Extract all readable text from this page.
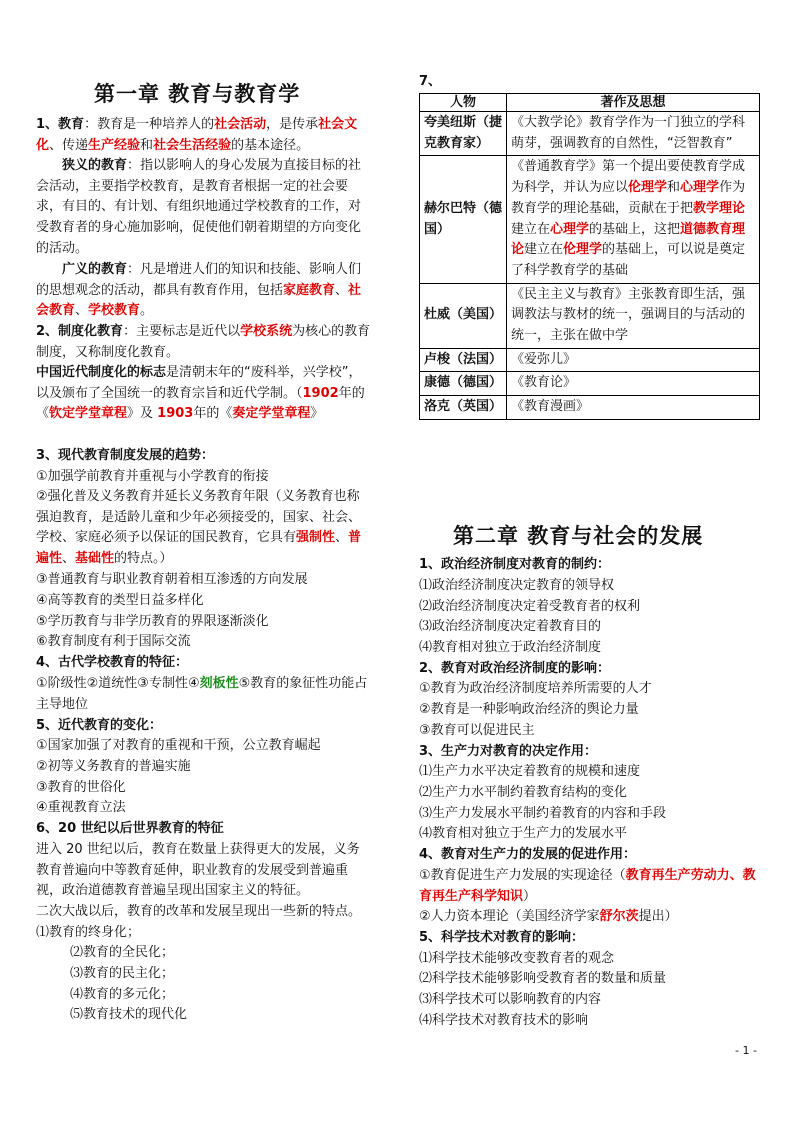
第一章 教育与教育学
1、教育：教育是一种培养人的社会活动，是传承社会文化、传递生产经验和社会生活经验的基本途径。
狭义的教育：指以影响人的身心发展为直接目标的社会活动，主要指学校教育，是教育者根据一定的社会要求，有目的、有计划、有组织地通过学校教育的工作，对受教育者的身心施加影响，促使他们朝着期望的方向变化的活动。
广义的教育：凡是增进人们的知识和技能、影响人们的思想观念的活动，都具有教育作用，包括家庭教育、社会教育、学校教育。
2、制度化教育：主要标志是近代以学校系统为核心的教育制度，又称制度化教育。
中国近代制度化的标志是清朝末年的“废科举，兴学校”，以及颁布了全国统一的教育宗旨和近代学制。（1902年的《钦定学堂章程》及 1903年的《奏定学堂章程》
3、现代教育制度发展的趋势：
①加强学前教育并重视与小学教育的衔接
②强化普及义务教育并延长义务教育年限（义务教育也称强迫教育，是适龄儿童和少年必须接受的，国家、社会、学校、家庭必须予以保证的国民教育，它具有强制性、普遍性、基础性的特点。）
③普通教育与职业教育朝着相互渗透的方向发展
④高等教育的类型日益多样化
⑤学历教育与非学历教育的界限逐渐淡化
⑥教育制度有利于国际交流
4、古代学校教育的特征：
①阶级性②道统性③专制性④刻板性⑤教育的象征性功能占主导地位
5、近代教育的变化：
①国家加强了对教育的重视和干预，公立教育崛起
②初等义务教育的普遍实施
③教育的世俗化
④重视教育立法
6、20 世纪以后世界教育的特征
进入 20 世纪以后，教育在数量上获得更大的发展，义务教育普遍向中等教育延伸，职业教育的发展受到普遍重视，政治道德教育普遍呈现出国家主义的特征。
二次大战以后，教育的改革和发展呈现出一些新的特点。⑴教育的终身化；
⑵教育的全民化；
⑶教育的民主化；
⑷教育的多元化；
⑸教育技术的现代化
7、
人物	著作及思想
夸美纽斯（捷克教育家）	《大教学论》教育学作为一门独立的学科萌芽，强调教育的自然性，“泛智教育”
赫尔巴特（德国）	《普通教育学》第一个提出要使教育学成为科学，并认为应以伦理学和心理学作为教育学的理论基础，贡献在于把教学理论建立在心理学的基础上，这把道德教育理论建立在伦理学的基础上，可以说是奠定了科学教育学的基础
杜威（美国）	《民主主义与教育》主张教育即生活，强调教法与教材的统一，强调目的与活动的统一，主张在做中学
卢梭（法国）	《爱弥儿》
康德（德国）	《教育论》
洛克（英国）	《教育漫画》
第二章 教育与社会的发展
1、政治经济制度对教育的制约：
⑴政治经济制度决定教育的领导权
⑵政治经济制度决定着受教育者的权利
⑶政治经济制度决定着教育目的
⑷教育相对独立于政治经济制度
2、教育对政治经济制度的影响：
①教育为政治经济制度培养所需要的人才
②教育是一种影响政治经济的舆论力量
③教育可以促进民主
3、生产力对教育的决定作用：
⑴生产力水平决定着教育的规模和速度
⑵生产力水平制约着教育结构的变化
⑶生产力发展水平制约着教育的内容和手段
⑷教育相对独立于生产力的发展水平
4、教育对生产力的发展的促进作用：
①教育促进生产力发展的实现途径（教育再生产劳动力、教育再生产科学知识）
②人力资本理论（美国经济学家舒尔茨提出）
5、科学技术对教育的影响：
⑴科学技术能够改变教育者的观念
⑵科学技术能够影响受教育者的数量和质量
⑶科学技术可以影响教育的内容
⑷科学技术对教育技术的影响
- 1 -
